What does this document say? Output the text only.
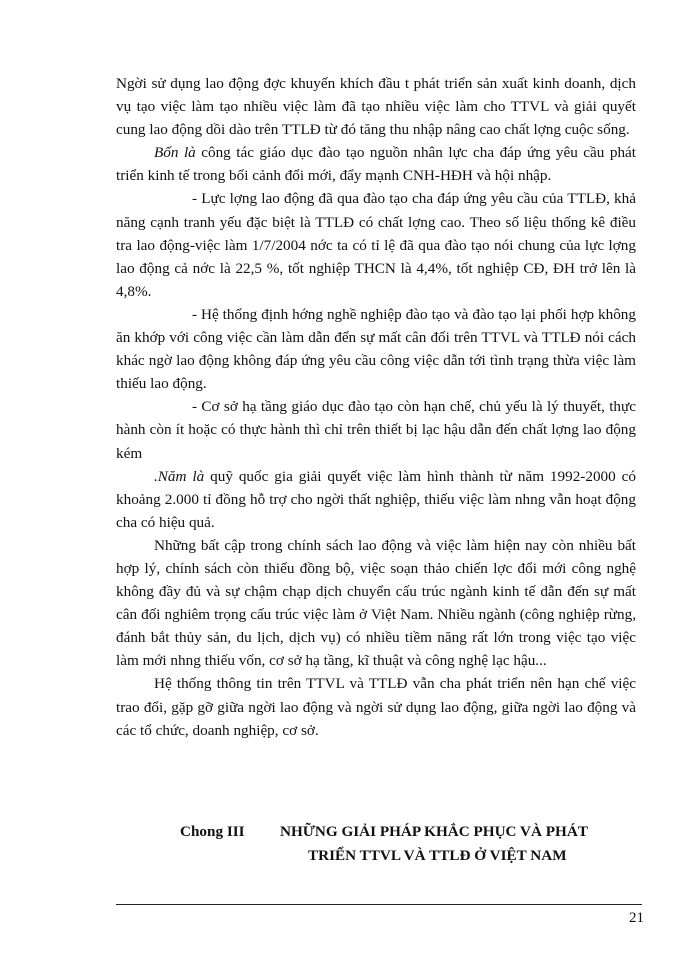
Ngời sử dụng lao động đợc khuyến khích đầu t phát triển sản xuất kinh doanh, dịch vụ tạo việc làm tạo nhiều việc làm đã tạo nhiều việc làm cho TTVL và giải quyết cung lao động dồi dào trên TTLĐ từ đó tăng thu nhập nâng cao chất lợng cuộc sống.

Bốn là công tác giáo dục đào tạo nguồn nhân lực cha đáp ứng yêu cầu phát triển kinh tế trong bối cảnh đổi mới, đẩy mạnh CNH-HĐH và hội nhập.

- Lực lợng lao động đã qua đào tạo cha đáp ứng yêu cầu của TTLĐ, khả năng cạnh tranh yếu đặc biệt là TTLĐ có chất lợng cao. Theo số liệu thống kê điều tra lao động-việc làm 1/7/2004 nớc ta có tỉ lệ đã qua đào tạo nói chung của lực lợng lao động cả nớc là 22,5 %, tốt nghiệp THCN là 4,4%, tốt nghiệp CĐ, ĐH trở lên là 4,8%.

- Hệ thống định hớng nghề nghiệp đào tạo và đào tạo lại phối hợp không ăn khớp với công việc cần làm dẫn đến sự mất cân đối trên TTVL và TTLĐ nói cách khác ngờ lao động không đáp ứng yêu cầu công việc dẫn tới tình trạng thừa việc làm thiếu lao động.

- Cơ sở hạ tầng giáo dục đào tạo còn hạn chế, chủ yếu là lý thuyết, thực hành còn ít hoặc có thực hành thì chỉ trên thiết bị lạc hậu dẫn đến chất lợng lao động kém

.Năm là quỹ quốc gia giải quyết việc làm hình thành từ năm 1992-2000 có khoảng 2.000 tỉ đồng hỗ trợ cho ngời thất nghiệp, thiếu việc làm nhng vẫn hoạt động cha có hiệu quả.

Những bất cập trong chính sách lao động và việc làm hiện nay còn nhiều bất hợp lý, chính sách còn thiếu đồng bộ, việc soạn thảo chiến lợc đổi mới công nghệ không đầy đủ và sự chậm chạp dịch chuyển cấu trúc ngành kinh tế dẫn đến sự mất cân đối nghiêm trọng cấu trúc việc làm ở Việt Nam. Nhiều ngành (công nghiệp rừng, đánh bắt thủy sản, du lịch, dịch vụ) có nhiều tiềm năng rất lớn trong việc tạo việc làm mới nhng thiếu vốn, cơ sở hạ tầng, kĩ thuật và công nghệ lạc hậu...

Hệ thống thông tin trên TTVL và TTLĐ vẫn cha phát triển nên hạn chế việc trao đổi, gặp gỡ giữa ngời lao động và ngời sử dụng lao động, giữa ngời lao động và các tổ chức, doanh nghiệp, cơ sở.

Chong III NHỮNG GIẢI PHÁP KHẮC PHỤC VÀ PHÁT
TRIỂN TTVL VÀ TTLĐ Ở VIỆT NAM
21
